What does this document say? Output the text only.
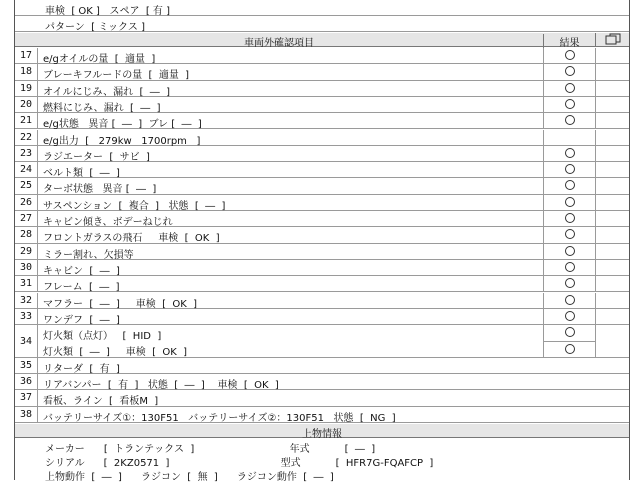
車検  [ OK ]   スペア  [ 有 ]
パターン  [ ミックス ]
車両外確認項目	結果
17	e/gオイルの量  [  適量  ]
18	ブレーキフルードの量  [  適量  ]
19	オイルにじみ、漏れ  [  ―  ]
20	燃料にじみ、漏れ  [  ―  ]
21	e/g状態   異音 [  ―  ]  ブレ [  ―  ]
22	e/g出力  [   279kw   1700rpm   ]
23	ラジエーター  [  サビ  ]
24	ベルト類  [  ―  ]
25	ターボ状態   異音 [  ―  ]
26	サスペンション  [  複合  ]   状態  [  ―  ]
27	キャビン傾き、ボデーねじれ
28	フロントガラスの飛石     車検  [  OK  ]
29	ミラー割れ、欠損等
30	キャビン  [  ―  ]
31	フレーム  [  ―  ]
32	マフラー  [  ―  ]     車検  [  OK  ]
33	ワンデフ  [  ―  ]
34	灯火類（点灯）   [  HID  ]
灯火類  [  ―  ]     車検  [  OK  ]
35	リターダ  [  有  ]
36	リアバンパー  [  有  ]   状態  [  ―  ]    車検  [  OK  ]
37	看板、ライン  [  看板M  ]
38	バッテリーサイズ①：130F51   バッテリーサイズ②：130F51   状態  [  NG  ]
上物情報
メーカー      [  トランテックス  ]                              年式           [  ―  ]
シリアル      [  2KZ0571  ]                                   型式           [  HFR7G-FQAFCP  ]
上物動作  [  ―  ]      ラジコン  [  無  ]      ラジコン動作  [  ―  ]
